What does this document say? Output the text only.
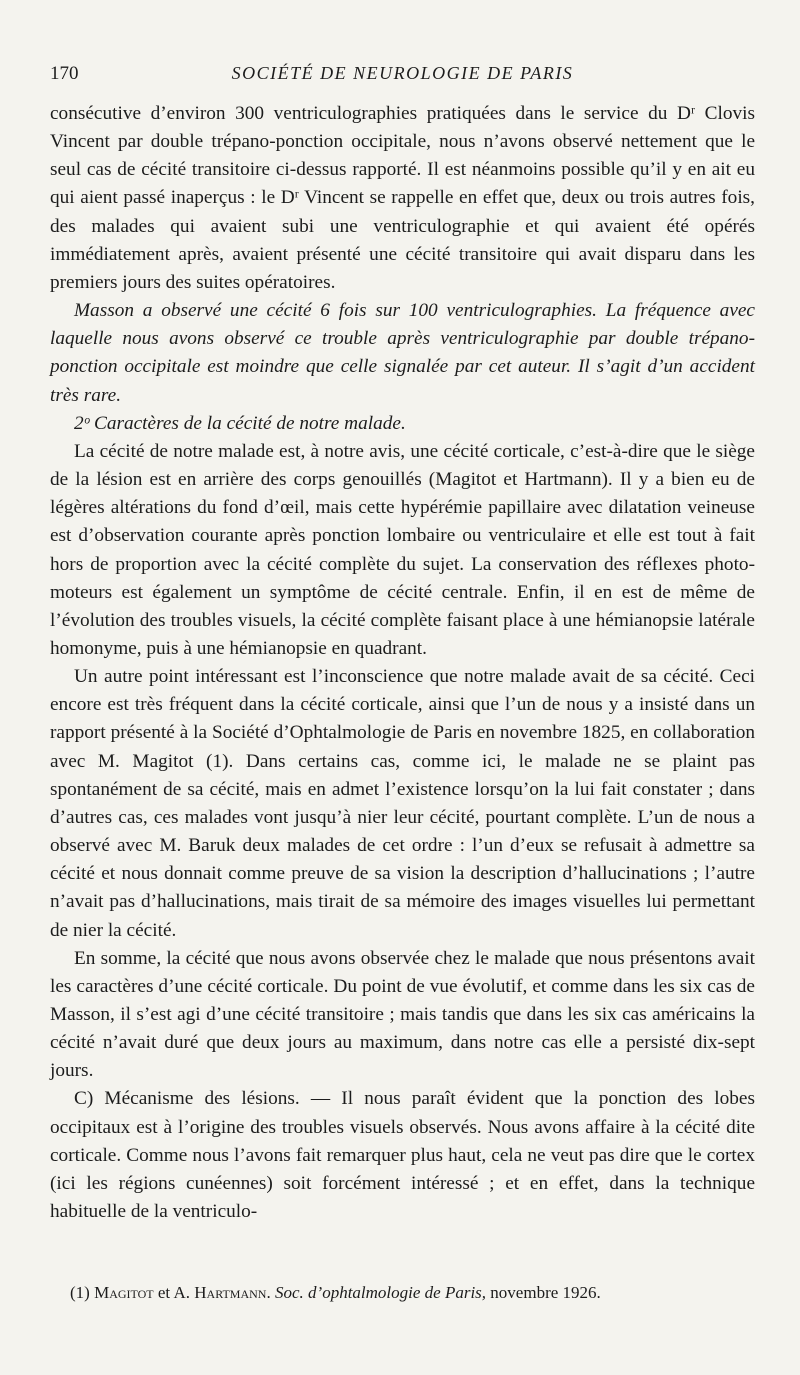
170	SOCIÉTÉ DE NEUROLOGIE DE PARIS

consécutive d’environ 300 ventriculographies pratiquées dans le service du Dʳ Clovis Vincent par double trépano-ponction occipitale, nous n’avons observé nettement que le seul cas de cécité transitoire ci-dessus rapporté. Il est néanmoins possible qu’il y en ait eu qui aient passé inaperçus : le Dʳ Vincent se rappelle en effet que, deux ou trois autres fois, des malades qui avaient subi une ventriculographie et qui avaient été opérés immédiatement après, avaient présenté une cécité transitoire qui avait disparu dans les premiers jours des suites opératoires.

Masson a observé une cécité 6 fois sur 100 ventriculographies. La fréquence avec laquelle nous avons observé ce trouble après ventriculographie par double trépano-ponction occipitale est moindre que celle signalée par cet auteur. Il s’agit d’un accident très rare.

2ᵒ Caractères de la cécité de notre malade.

La cécité de notre malade est, à notre avis, une cécité corticale, c’est-à-dire que le siège de la lésion est en arrière des corps genouillés (Magitot et Hartmann). Il y a bien eu de légères altérations du fond d’œil, mais cette hypérémie papillaire avec dilatation veineuse est d’observation courante après ponction lombaire ou ventriculaire et elle est tout à fait hors de proportion avec la cécité complète du sujet. La conservation des réflexes photo-moteurs est également un symptôme de cécité centrale. Enfin, il en est de même de l’évolution des troubles visuels, la cécité complète faisant place à une hémianopsie latérale homonyme, puis à une hémianopsie en quadrant.

Un autre point intéressant est l’inconscience que notre malade avait de sa cécité. Ceci encore est très fréquent dans la cécité corticale, ainsi que l’un de nous y a insisté dans un rapport présenté à la Société d’Ophtalmologie de Paris en novembre 1825, en collaboration avec M. Magitot (1). Dans certains cas, comme ici, le malade ne se plaint pas spontanément de sa cécité, mais en admet l’existence lorsqu’on la lui fait constater ; dans d’autres cas, ces malades vont jusqu’à nier leur cécité, pourtant complète. L’un de nous a observé avec M. Baruk deux malades de cet ordre : l’un d’eux se refusait à admettre sa cécité et nous donnait comme preuve de sa vision la description d’hallucinations ; l’autre n’avait pas d’hallucinations, mais tirait de sa mémoire des images visuelles lui permettant de nier la cécité.

En somme, la cécité que nous avons observée chez le malade que nous présentons avait les caractères d’une cécité corticale. Du point de vue évolutif, et comme dans les six cas de Masson, il s’est agi d’une cécité transitoire ; mais tandis que dans les six cas américains la cécité n’avait duré que deux jours au maximum, dans notre cas elle a persisté dix-sept jours.

C) Mécanisme des lésions. — Il nous paraît évident que la ponction des lobes occipitaux est à l’origine des troubles visuels observés. Nous avons affaire à la cécité dite corticale. Comme nous l’avons fait remarquer plus haut, cela ne veut pas dire que le cortex (ici les régions cunéennes) soit forcément intéressé ; et en effet, dans la technique habituelle de la ventriculo-

(1) Magitot et A. Hartmann. Soc. d’ophtalmologie de Paris, novembre 1926.
